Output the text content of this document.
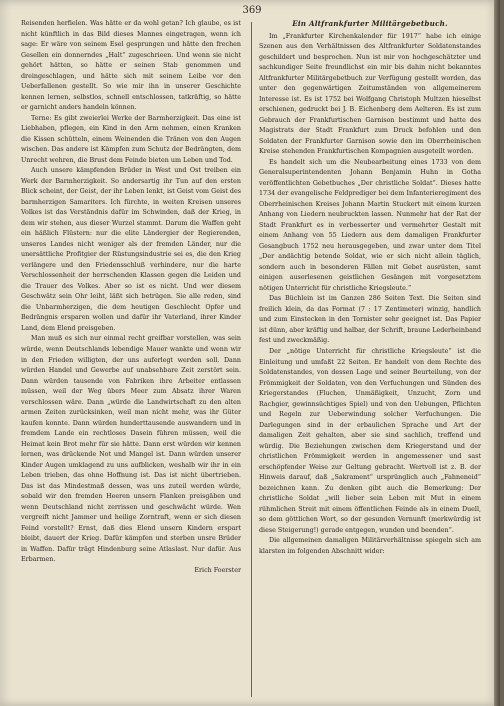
369

Reisenden herfielen. Was hätte er da wohl getan? Ich glaube, es ist nicht künftlich in das Bild dieses Mannes eingetragen, wenn ich sage: Er wäre von seinem Esel gesprungen und hätte den frechen Gesellen ein donnerndes „Halt“ zugeschrieen. Und wenn sie nicht gehört hätten, so hätte er seinen Stab genommen und dreingeschlagen, und hätte sich mit seinem Leibe vor den Ueberfallenen gestellt. So wie mir ihn in unserer Geschichte kennen lernen, selbstlos, schnell entschlossen, tatkräftig, so hätte er garnicht anders handeln können.

Terne: Es gibt zweierlei Werke der Barmherzigkeit. Das eine ist Liebhaben, pflegen, ein Kind in den Arm nehmen, einen Kranken die Kissen schütteln, einem Weinenden die Tränen von den Augen wischen. Das andere ist Kämpfen zum Schutz der Bedrängten, dem Unrecht wehren, die Brust dem Feinde bieten um Leben und Tod.

Auch unsere kämpfenden Brüder in West und Ost treiben ein Werk der Barmherzigkeit. So andersartig ihr Tun auf den ersten Blick scheint, der Geist, der ihr Leben lenkt, ist Geist vom Geist des barmherzigen Samariters. Ich fürchte, in weiten Kreisen unseres Volkes ist das Verständnis dafür im Schwinden, daß der Krieg, in dem wir stehen, aus dieser Wurzel stammt. Darum die Waffen geht ein häßlich Flüstern: nur die elite Ländergier der Regierenden, unseres Landes nicht weniger als der fremden Länder, nur die unersättliche Profitgier der Rüstungsindustrie sei es, die den Krieg verlängere und den Friedensschluß verhindere, nur die harte Verschlossenheit der herrschenden Klassen gegen die Leiden und die Trauer des Volkes. Aber so ist es nicht. Und wer diesem Geschwätz sein Ohr leiht, läßt sich betrügen. Sie alle reden, sind die Unbarmherzigen, die dem heutigen Geschlecht Opfer und Bedrängnis ersparen wollen und dafür ihr Vaterland, ihrer Kinder Land, dem Elend preisgeben.

Man muß es sich nur einmal recht greifbar vorstellen, was sein würde, wenn Deutschlands lebendige Mauer wankte und wenn wir in den Frieden willigten, der uns auferlegt werden soll. Dann würden Handel und Gewerbe auf unabsehbare Zeit zerstört sein. Dann würden tausende von Fabriken ihre Arbeiter entlassen müssen, weil der Weg übers Meer zum Absatz ihrer Waren verschlossen wäre. Dann „würde die Landwirtschaft zu den alten armen Zeiten zurücksinken, weil man nicht mehr, was ihr Güter kaufen konnte. Dann würden hunderttausende auswandern und in fremdem Lande ein rechtloses Dasein führen müssen, weil die Heimat kein Brot mehr für sie hätte. Dann erst würden wir kennen lernen, was drückende Not und Mangel ist. Dann würden unserer Kinder Augen umklagend zu uns aufblicken, weshalb wir ihr in ein Leben trieben, das ohne Hoffnung ist. Das ist nicht übertrieben. Das ist das Mindestmaß dessen, was uns zuteil werden würde, sobald wir den fremden Heeren unsern Flanken preisgäben und wenn Deutschland nicht zerrissen und geschwächt würde. Wen vergreift nicht Jammer und heilige Zorntraft, wenn er sich diesen Feind vorstellt? Ernst, daß dies Elend unsern Kindern erspart bleibt, dauert der Krieg. Dafür kämpfen und sterben unsre Brüder in Waffen. Dafür trägt Hindenburg seine Atlaslast. Nur dafür. Aus Erbarmen.

Erich Foerster

Ein Altfrankfurter Militärgebetbuch.

Im „Frankfurter Kirchenkalender für 1917“ habe ich einige Szenen aus den Verhältnissen des Altfrankfurter Soldatenstandes geschildert und besprochen. Nun ist mir von hochgeschätzter und sachkundiger Seite freundlichst ein mir bis dahin nicht bekanntes Altfrankfurter Militärgebetbuch zur Verfügung gestellt worden, das unter den gegenwärtigen Zeitumständen von allgemeinerem Interesse ist. Es ist 1752 bei Wolfgang Christoph Multzen hieselbst erschienen, gedruckt bei J. B. Eichenberg dem Aelteren. Es ist zum Gebrauch der Frankfurtischen Garnison bestimmt und hatte des Magistrats der Stadt Frankfurt zum Druck befohlen und den Soldaten der Frankfurter Garnison sowie den im Oberrheinischen Kreise stehenden Frankfurtischen Kompagnien ausgeteilt worden.

Es handelt sich um die Neubearbeitung eines 1733 von dem Generalsuperintendenten Johann Benjamin Huhn in Gotha veröffentlichten Gebetbuches „Der christliche Soldat“. Dieses hatte 1734 der evangelische Feldprediger bei dem Infanterieregiment des Oberrheinischen Kreises Johann Martin Stuckert mit einem kurzen Anhang von Liedern neubruckten lassen. Nunmehr hat der Rat der Stadt Frankfurt es in verbesserter und vermehrter Gestalt mit einem Anhang von 55 Liedern aus dem damaligen Frankfurter Gesangbuch 1752 neu herausgegeben, und zwar unter dem Titel „Der andächtig betende Soldat, wie er sich nicht allein täglich, sondern auch in besonderen Fällen mit Gebet ausrüsten, samt einigen auserlesenen geistlichen Gesängen mit vorgesetztem nötigen Unterricht für christliche Kriegsleute.“

Das Büchlein ist im Ganzen 286 Seiten Text. Die Seiten sind freilich klein, da das Format (7 : 17 Zentimeter) winzig, handlich und zum Einstecken in den Tornister sehr geeignet ist. Das Papier ist dünn, aber kräftig und halbar, der Schrift, braune Lederheinband fest und zweckmäßig.

Der „nötige Unterricht für christliche Kriegsleute“ ist die Einleitung und umfaßt 22 Seiten. Er handelt von dem Rechte des Soldatenstandes, von dessen Lage und seiner Beurteilung, von der Frömmigkeit der Soldaten, von den Verfuchungen und Sünden des Kriegerstandes (Fluchen, Unmäßigkeit, Unzucht, Zorn und Rachgier, gewinnsüchtiges Spiel) und von den Uebungen, Pflichten und Regeln zur Ueberwindung solcher Verfuchungen. Die Darlegungen sind in der erbaulichen Sprache und Art der damaligen Zeit gehalten, aber sie sind sachlich, treffend und würdig. Die Beziehungen zwischen dem Kriegerstand und der christlichen Frömmigkeit werden in angemessener und sast erschöpfender Weise zur Geltung gebracht. Wertvoll ist z. B. der Hinweis darauf, daß „Sakrament“ ursprünglich auch „Fahneneid“ bezeichnen kann. Zu denken gibt auch die Bemerkung: Der christliche Soldat „will lieber sein Leben mit Mut in einem rühmlichen Streit mit einem öffentlichen Feinde als in einem Duell, so dem göttlichen Wort, so der gesunden Vernunft (merkwürdig ist diese Steigerung!) gerade entgegen, wunden und beenden“.

Die allgemeinen damaligen Militärverhältnisse spiegeln sich am klarsten im folgenden Abschnitt wider:
